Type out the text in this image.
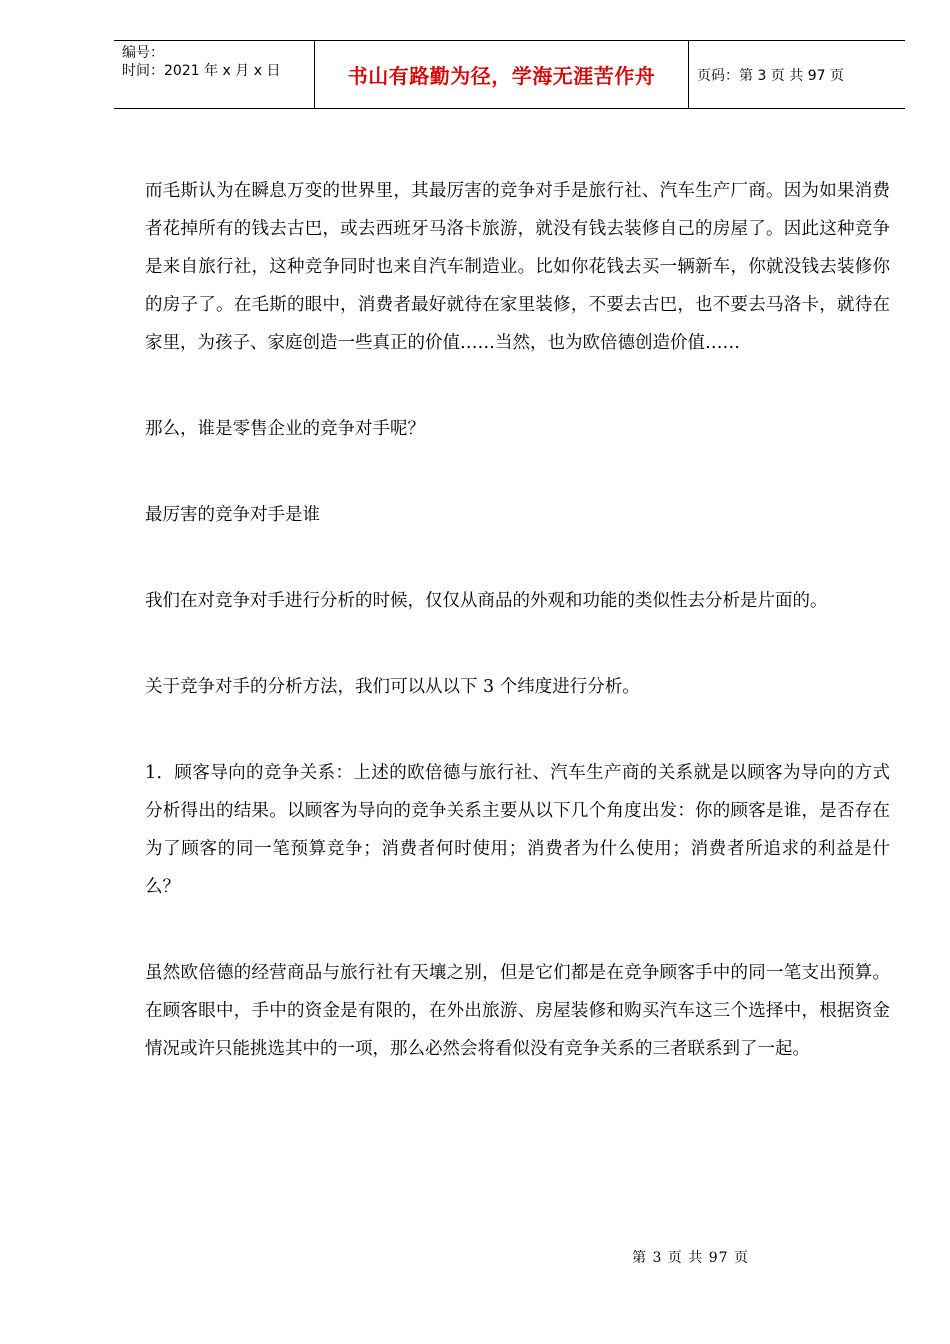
编号：
时间：2021 年 x 月 x 日	书山有路勤为径，学海无涯苦作舟	页码：第 3 页 共 97 页

而毛斯认为在瞬息万变的世界里，其最厉害的竞争对手是旅行社、汽车生产厂商。因为如果消费者花掉所有的钱去古巴，或去西班牙马洛卡旅游，就没有钱去装修自己的房屋了。因此这种竞争是来自旅行社，这种竞争同时也来自汽车制造业。比如你花钱去买一辆新车，你就没钱去装修你的房子了。在毛斯的眼中，消费者最好就待在家里装修，不要去古巴，也不要去马洛卡，就待在家里，为孩子、家庭创造一些真正的价值……当然，也为欧倍德创造价值……

那么，谁是零售企业的竞争对手呢？

最厉害的竞争对手是谁

我们在对竞争对手进行分析的时候，仅仅从商品的外观和功能的类似性去分析是片面的。

关于竞争对手的分析方法，我们可以从以下 3 个纬度进行分析。

1．顾客导向的竞争关系：上述的欧倍德与旅行社、汽车生产商的关系就是以顾客为导向的方式分析得出的结果。以顾客为导向的竞争关系主要从以下几个角度出发：你的顾客是谁，是否存在为了顾客的同一笔预算竞争；消费者何时使用；消费者为什么使用；消费者所追求的利益是什么？

虽然欧倍德的经营商品与旅行社有天壤之别，但是它们都是在竞争顾客手中的同一笔支出预算。在顾客眼中，手中的资金是有限的，在外出旅游、房屋装修和购买汽车这三个选择中，根据资金情况或许只能挑选其中的一项，那么必然会将看似没有竞争关系的三者联系到了一起。

第 3 页 共 97 页
